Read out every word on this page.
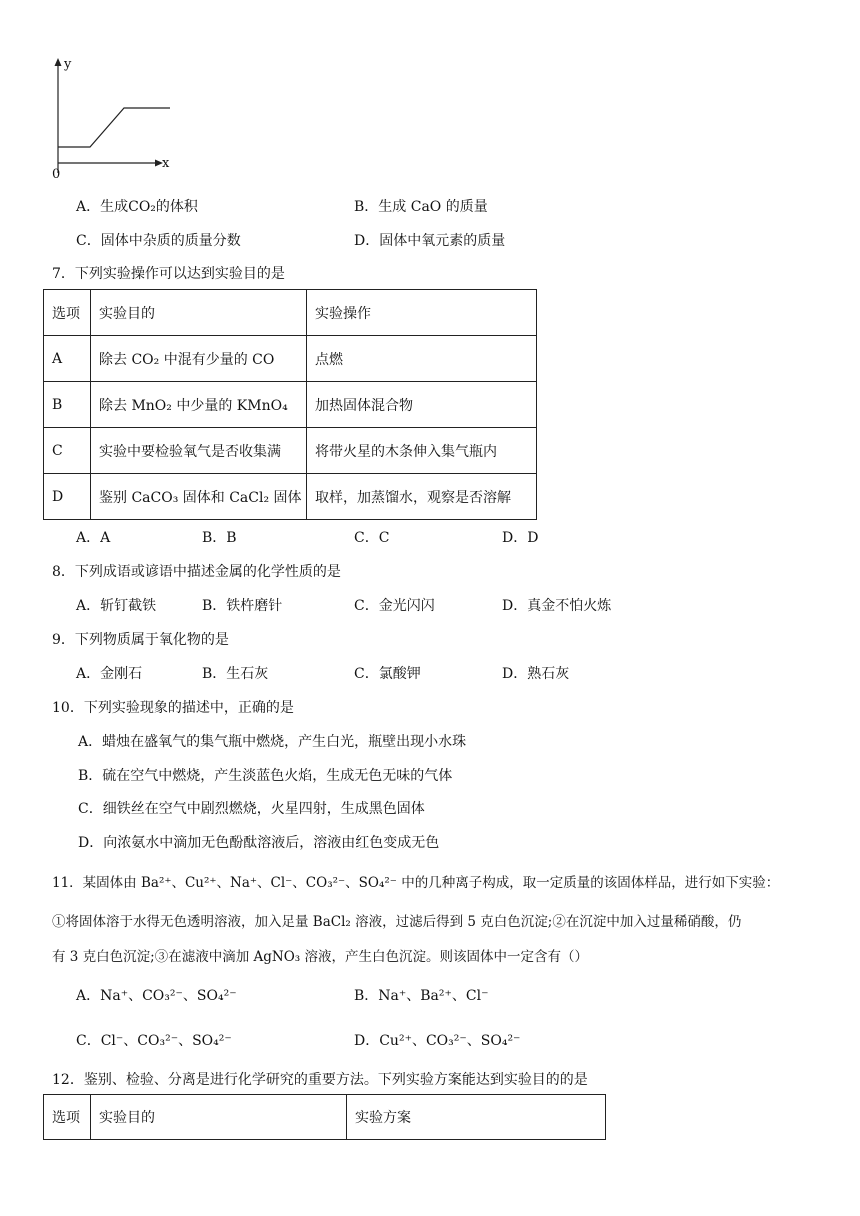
y
x
0
A．生成CO₂的体积	B．生成 CaO 的质量
C．固体中杂质的质量分数	D．固体中氧元素的质量
7．下列实验操作可以达到实验目的是
选项	实验目的	实验操作
A	除去 CO₂ 中混有少量的 CO	点燃
B	除去 MnO₂ 中少量的 KMnO₄	加热固体混合物
C	实验中要检验氧气是否收集满	将带火星的木条伸入集气瓶内
D	鉴别 CaCO₃ 固体和 CaCl₂ 固体	取样，加蒸馏水，观察是否溶解
A．A	B．B	C．C	D．D
8．下列成语或谚语中描述金属的化学性质的是
A．斩钉截铁	B．铁杵磨针	C．金光闪闪	D．真金不怕火炼
9．下列物质属于氧化物的是
A．金刚石	B．生石灰	C．氯酸钾	D．熟石灰
10．下列实验现象的描述中，正确的是
A．蜡烛在盛氧气的集气瓶中燃烧，产生白光，瓶壁出现小水珠
B．硫在空气中燃烧，产生淡蓝色火焰，生成无色无味的气体
C．细铁丝在空气中剧烈燃烧，火星四射，生成黑色固体
D．向浓氨水中滴加无色酚酞溶液后，溶液由红色变成无色
11．某固体由 Ba²⁺、Cu²⁺、Na⁺、Cl⁻、CO₃²⁻、SO₄²⁻ 中的几种离子构成，取一定质量的该固体样品，进行如下实验：
①将固体溶于水得无色透明溶液，加入足量 BaCl₂ 溶液，过滤后得到 5 克白色沉淀;②在沉淀中加入过量稀硝酸，仍
有 3 克白色沉淀;③在滤液中滴加 AgNO₃ 溶液，产生白色沉淀。则该固体中一定含有（）
A．Na⁺、CO₃²⁻、SO₄²⁻	B．Na⁺、Ba²⁺、Cl⁻
C．Cl⁻、CO₃²⁻、SO₄²⁻	D．Cu²⁺、CO₃²⁻、SO₄²⁻
12．鉴别、检验、分离是进行化学研究的重要方法。下列实验方案能达到实验目的的是
选项	实验目的	实验方案
